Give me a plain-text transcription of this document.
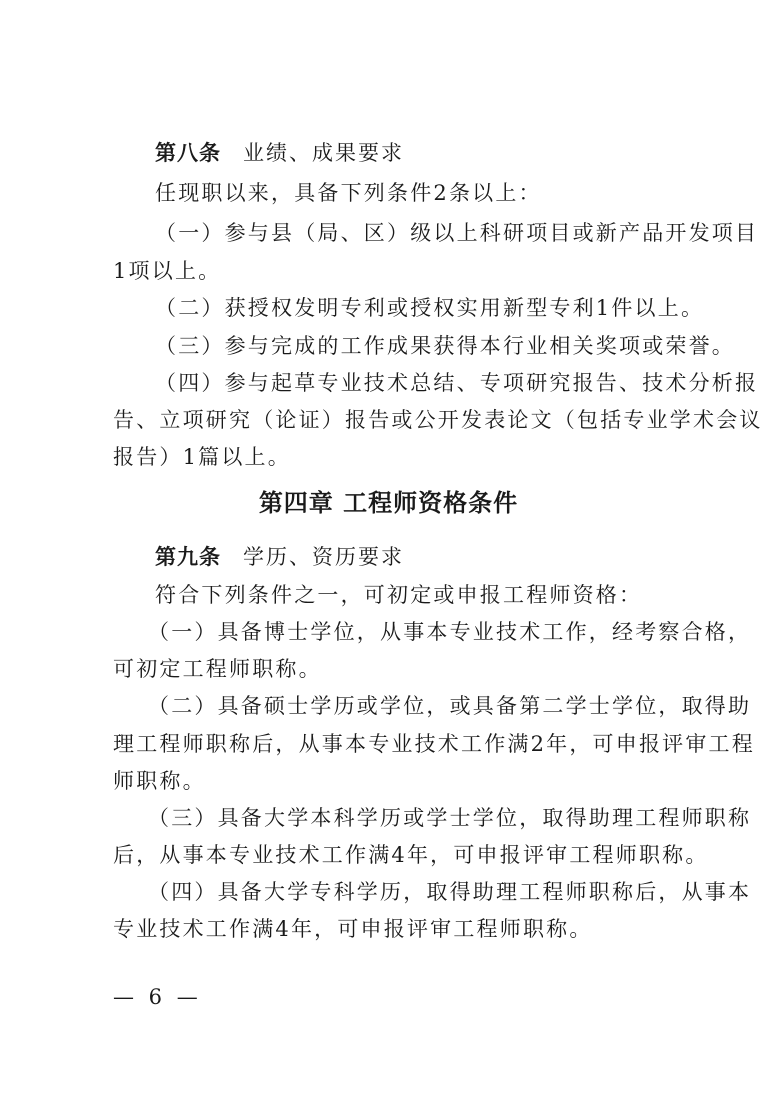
第八条 业绩、成果要求
任现职以来，具备下列条件2条以上：
（一）参与县（局、区）级以上科研项目或新产品开发项目
1项以上。
（二）获授权发明专利或授权实用新型专利1件以上。
（三）参与完成的工作成果获得本行业相关奖项或荣誉。
（四）参与起草专业技术总结、专项研究报告、技术分析报
告、立项研究（论证）报告或公开发表论文（包括专业学术会议
报告）1篇以上。
第四章 工程师资格条件
第九条 学历、资历要求
符合下列条件之一，可初定或申报工程师资格：
（一）具备博士学位，从事本专业技术工作，经考察合格，
可初定工程师职称。
（二）具备硕士学历或学位，或具备第二学士学位，取得助
理工程师职称后，从事本专业技术工作满2年，可申报评审工程
师职称。
（三）具备大学本科学历或学士学位，取得助理工程师职称
后，从事本专业技术工作满4年，可申报评审工程师职称。
（四）具备大学专科学历，取得助理工程师职称后，从事本
专业技术工作满4年，可申报评审工程师职称。
— 6 —
